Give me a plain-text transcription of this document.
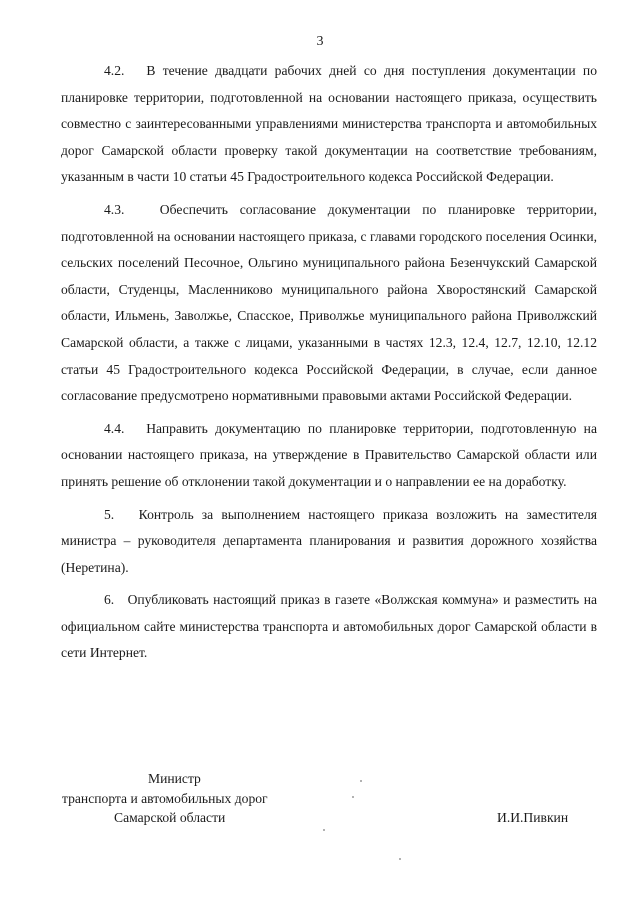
3

4.2.   В течение двадцати рабочих дней со дня поступления документации по планировке территории, подготовленной на основании настоящего приказа, осуществить совместно с заинтересованными управлениями министерства транспорта и автомобильных дорог Самарской области проверку такой документации на соответствие требованиям, указанным в части 10 статьи 45 Градостроительного кодекса Российской Федерации.

4.3.   Обеспечить согласование документации по планировке территории, подготовленной на основании настоящего приказа, с главами городского поселения Осинки, сельских поселений Песочное, Ольгино муниципального района Безенчукский Самарской области, Студенцы, Масленниково муниципального района Хворостянский Самарской области, Ильмень, Заволжье, Спасское, Приволжье муниципального района Приволжский Самарской области, а также с лицами, указанными в частях 12.3, 12.4, 12.7, 12.10, 12.12 статьи 45 Градостроительного кодекса Российской Федерации, в случае, если данное согласование предусмотрено нормативными правовыми актами Российской Федерации.

4.4.   Направить документацию по планировке территории, подготовленную на основании настоящего приказа, на утверждение в Правительство Самарской области или принять решение об отклонении такой документации и о направлении ее на доработку.

5.   Контроль за выполнением настоящего приказа возложить на заместителя министра – руководителя департамента планирования и развития дорожного хозяйства (Неретина).

6.   Опубликовать настоящий приказ в газете «Волжская коммуна» и разместить на официальном сайте министерства транспорта и автомобильных дорог Самарской области в сети Интернет.

Министр
транспорта и автомобильных дорог
Самарской области	И.И.Пивкин
